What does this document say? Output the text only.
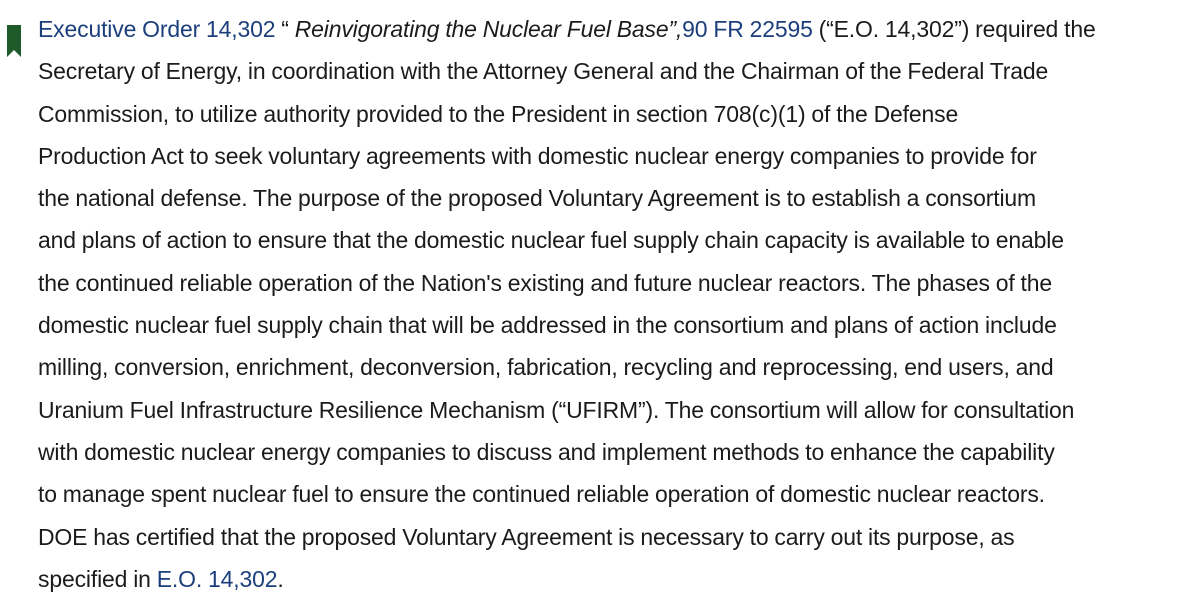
Executive Order 14,302 “ Reinvigorating the Nuclear Fuel Base”,90 FR 22595 (“E.O. 14,302”) required the
Secretary of Energy, in coordination with the Attorney General and the Chairman of the Federal Trade
Commission, to utilize authority provided to the President in section 708(c)(1) of the Defense
Production Act to seek voluntary agreements with domestic nuclear energy companies to provide for
the national defense. The purpose of the proposed Voluntary Agreement is to establish a consortium
and plans of action to ensure that the domestic nuclear fuel supply chain capacity is available to enable
the continued reliable operation of the Nation's existing and future nuclear reactors. The phases of the
domestic nuclear fuel supply chain that will be addressed in the consortium and plans of action include
milling, conversion, enrichment, deconversion, fabrication, recycling and reprocessing, end users, and
Uranium Fuel Infrastructure Resilience Mechanism (“UFIRM”). The consortium will allow for consultation
with domestic nuclear energy companies to discuss and implement methods to enhance the capability
to manage spent nuclear fuel to ensure the continued reliable operation of domestic nuclear reactors.
DOE has certified that the proposed Voluntary Agreement is necessary to carry out its purpose, as
specified in E.O. 14,302.
